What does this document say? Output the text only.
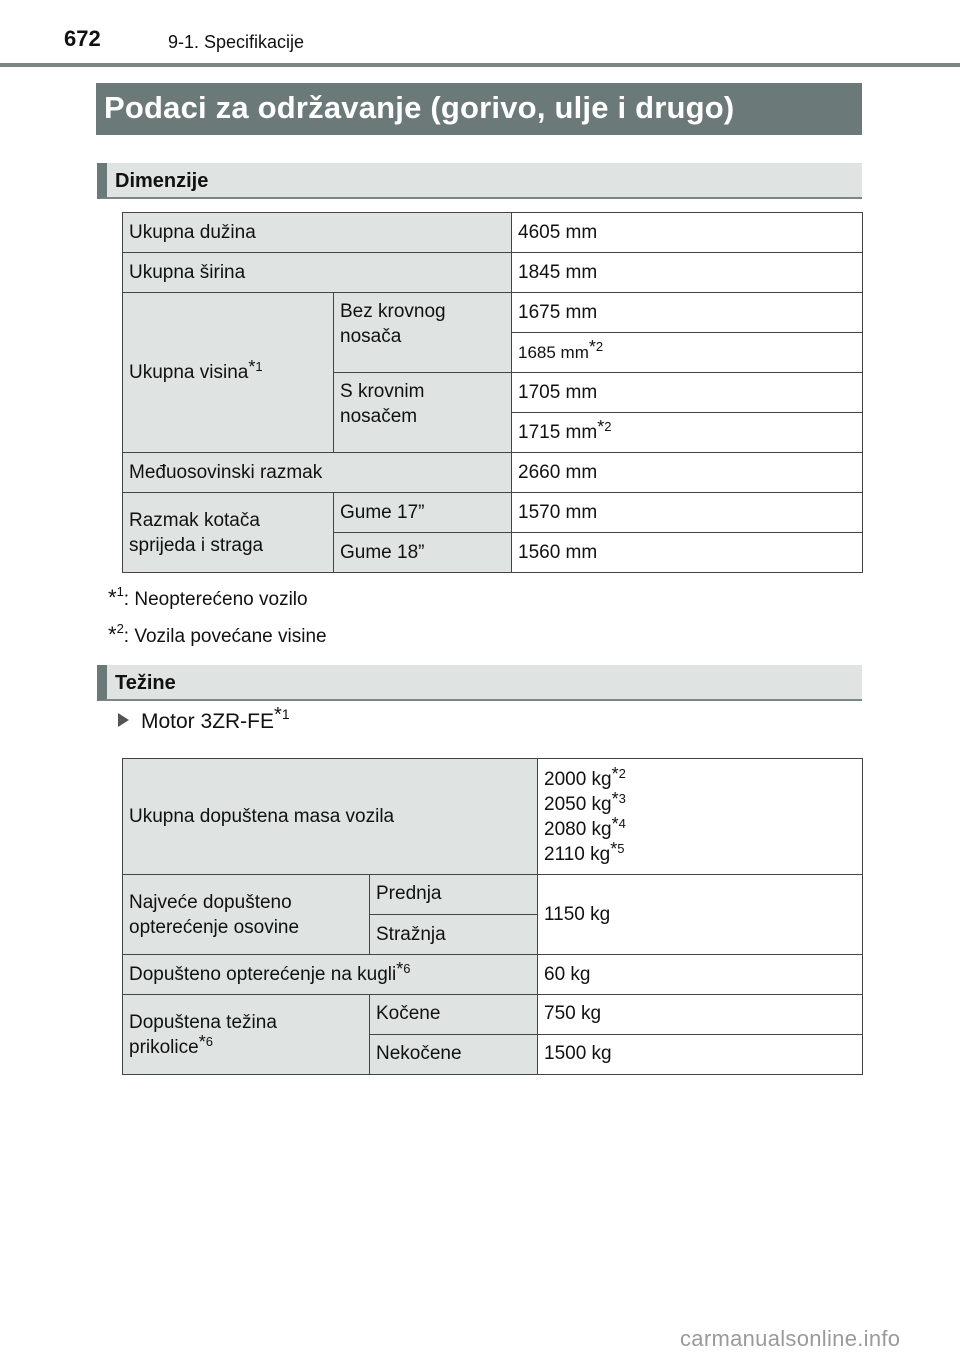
672	9-1. Specifikacije
Podaci za održavanje (gorivo, ulje i drugo)
Dimenzije
Ukupna dužina		4605 mm
Ukupna širina		1845 mm
Ukupna visina$^{*1}$	Bez krovnog nosača	1675 mm
		1685 mm$^{*2}$
	S krovnim nosačem	1705 mm
		1715 mm$^{*2}$
Međuosovinski razmak		2660 mm
Razmak kotača sprijeda i straga	Gume 17”	1570 mm
	Gume 18”	1560 mm
*$^1$: Neopterećeno vozilo
*$^2$: Vozila povećane visine
Težine
Motor 3ZR-FE$^{*1}$
Ukupna dopuštena masa vozila		2000 kg$^{*2}$
2050 kg$^{*3}$
2080 kg$^{*4}$
2110 kg$^{*5}$

Najveće dopušteno opterećenje osovine	Prednja	1150 kg
	Stražnja	
Dopušteno opterećenje na kugli$^{*6}$		60 kg
Dopuštena težina prikolice$^{*6}$	Kočene	750 kg
	Nekočene	1500 kg
carmanualsonline.info
